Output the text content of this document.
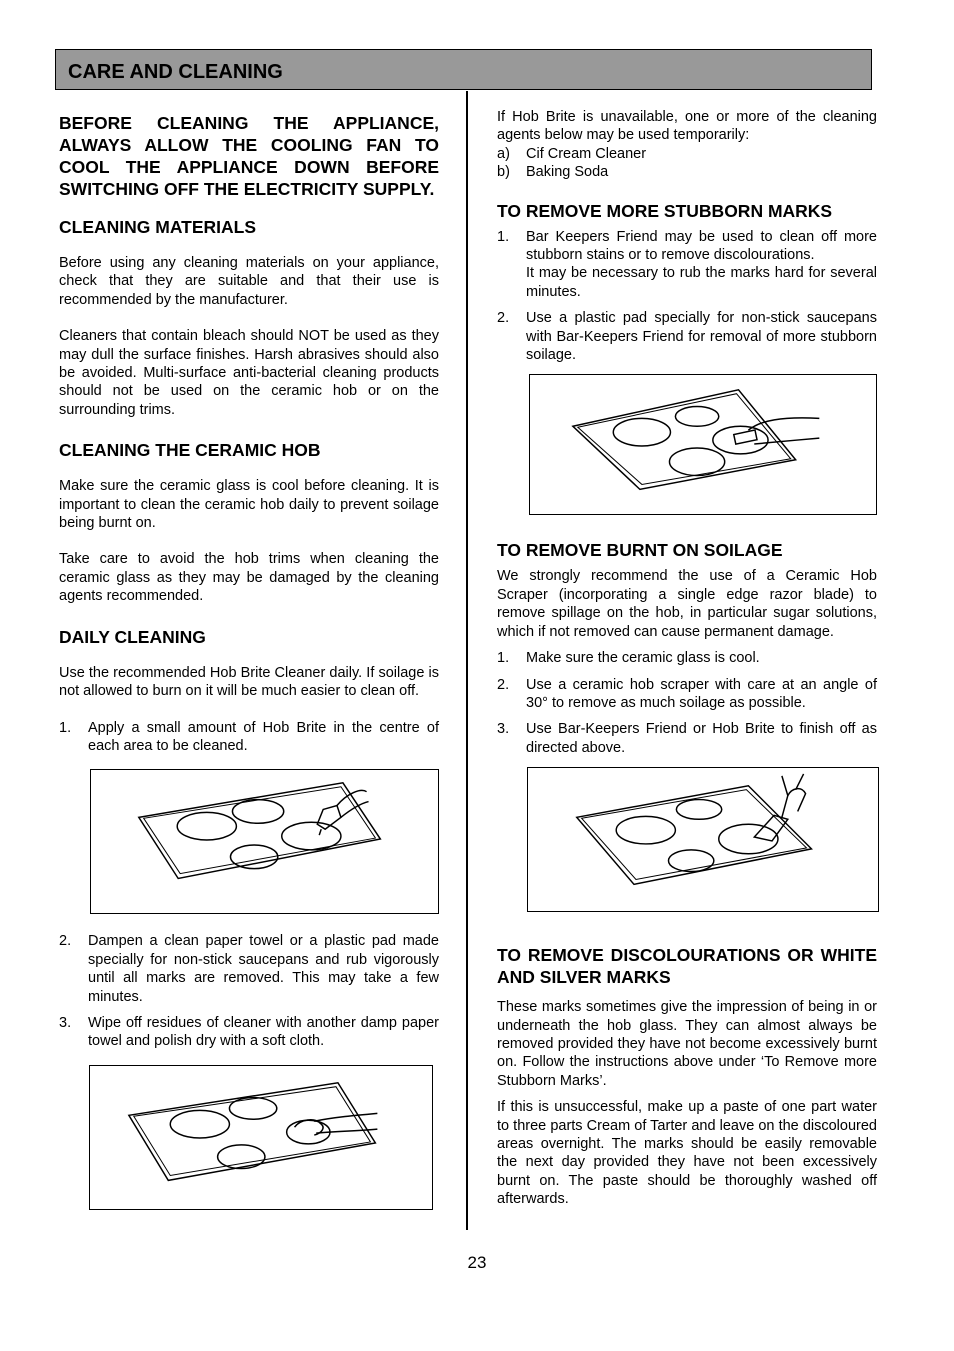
CARE AND CLEANING
BEFORE CLEANING THE APPLIANCE, ALWAYS ALLOW THE COOLING FAN TO COOL THE APPLIANCE DOWN BEFORE SWITCHING OFF THE ELECTRICITY SUPPLY.
CLEANING MATERIALS

Before using any cleaning materials on your appliance, check that they are suitable and that their use is recommended by the manufacturer.

Cleaners that contain bleach should NOT be used as they may dull the surface finishes. Harsh abrasives should also be avoided. Multi-surface anti-bacterial cleaning products should not be used on the ceramic hob or on the surrounding trims.

CLEANING THE CERAMIC HOB

Make sure the ceramic glass is cool before cleaning. It is important to clean the ceramic hob daily to prevent soilage being burnt on.

Take care to avoid the hob trims when cleaning the ceramic glass as they may be damaged by the cleaning agents recommended.

DAILY CLEANING

Use the recommended Hob Brite Cleaner daily. If soilage is not allowed to burn on it will be much easier to clean off.

1. Apply a small amount of Hob Brite in the centre of each area to be cleaned.
2. Dampen a clean paper towel or a plastic pad made specially for non-stick saucepans and rub vigorously until all marks are removed. This may take a few minutes.
3. Wipe off residues of cleaner with another damp paper towel and polish dry with a soft cloth.

If Hob Brite is unavailable, one or more of the cleaning agents below may be used temporarily:

a) Cif Cream Cleaner
b) Baking Soda
TO REMOVE MORE STUBBORN MARKS
1. Bar Keepers Friend may be used to clean off more stubborn stains or to remove discolourations.
It may be necessary to rub the marks hard for several minutes.
2. Use a plastic pad specially for non-stick saucepans with Bar-Keepers Friend for removal of more stubborn soilage.
TO REMOVE BURNT ON SOILAGE

We strongly recommend the use of a Ceramic Hob Scraper (incorporating a single edge razor blade) to remove spillage on the hob, in particular sugar solutions, which if not removed can cause permanent damage.

1. Make sure the ceramic glass is cool.
2. Use a ceramic hob scraper with care at an angle of 30° to remove as much soilage as possible.
3. Use Bar-Keepers Friend or Hob Brite to finish off as directed above.
TO REMOVE DISCOLOURATIONS OR WHITE AND SILVER MARKS

These marks sometimes give the impression of being in or underneath the hob glass. They can almost always be removed provided they have not become excessively burnt on. Follow the instructions above under ‘To Remove more Stubborn Marks’.

If this is unsuccessful, make up a paste of one part water to three parts Cream of Tarter and leave on the discoloured areas overnight. The marks should be easily removable the next day provided they have not been excessively burnt on. The paste should be thoroughly washed off afterwards.

23
